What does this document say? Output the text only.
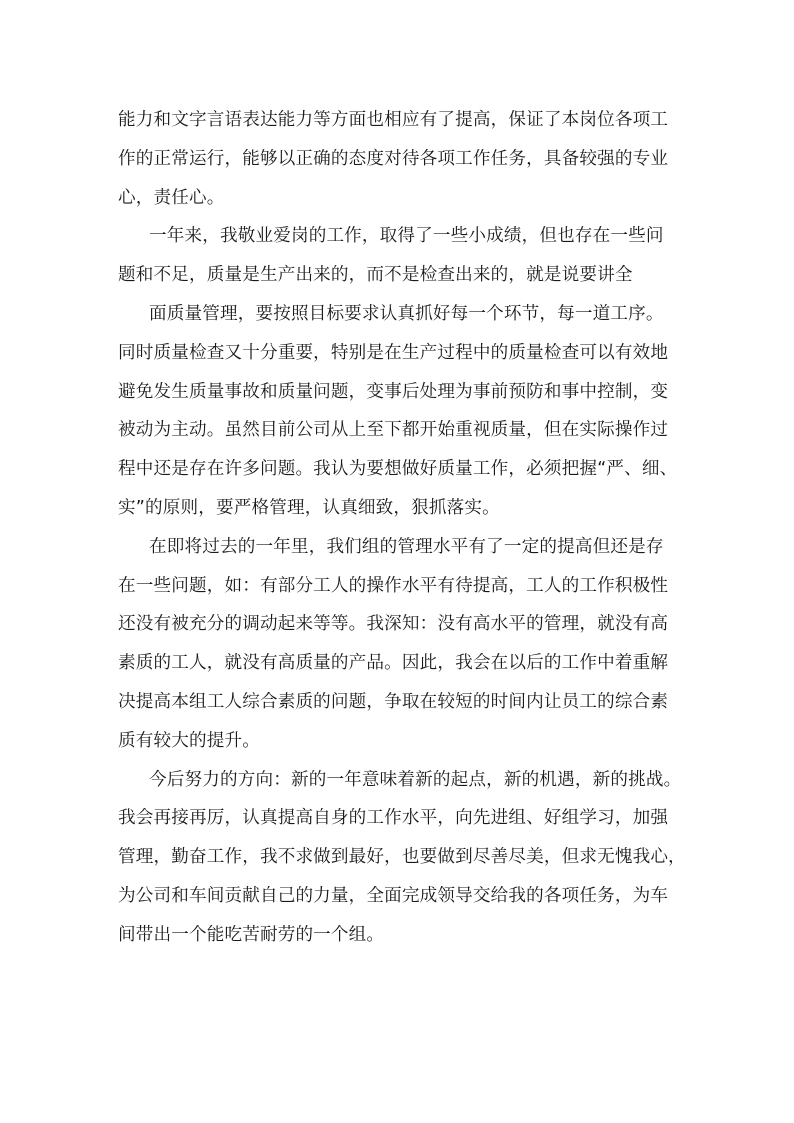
能力和文字言语表达能力等方面也相应有了提高，保证了本岗位各项工
作的正常运行，能够以正确的态度对待各项工作任务，具备较强的专业
心，责任心。
一年来，我敬业爱岗的工作，取得了一些小成绩，但也存在一些问
题和不足，质量是生产出来的，而不是检查出来的，就是说要讲全
面质量管理，要按照目标要求认真抓好每一个环节，每一道工序。
同时质量检查又十分重要，特别是在生产过程中的质量检查可以有效地
避免发生质量事故和质量问题，变事后处理为事前预防和事中控制，变
被动为主动。虽然目前公司从上至下都开始重视质量，但在实际操作过
程中还是存在许多问题。我认为要想做好质量工作，必须把握“严、细、
实”的原则，要严格管理，认真细致，狠抓落实。
在即将过去的一年里，我们组的管理水平有了一定的提高但还是存
在一些问题，如：有部分工人的操作水平有待提高，工人的工作积极性
还没有被充分的调动起来等等。我深知：没有高水平的管理，就没有高
素质的工人，就没有高质量的产品。因此，我会在以后的工作中着重解
决提高本组工人综合素质的问题，争取在较短的时间内让员工的综合素
质有较大的提升。
今后努力的方向：新的一年意味着新的起点，新的机遇，新的挑战。
我会再接再厉，认真提高自身的工作水平，向先进组、好组学习，加强
管理，勤奋工作，我不求做到最好，也要做到尽善尽美，但求无愧我心，
为公司和车间贡献自己的力量，全面完成领导交给我的各项任务，为车
间带出一个能吃苦耐劳的一个组。
